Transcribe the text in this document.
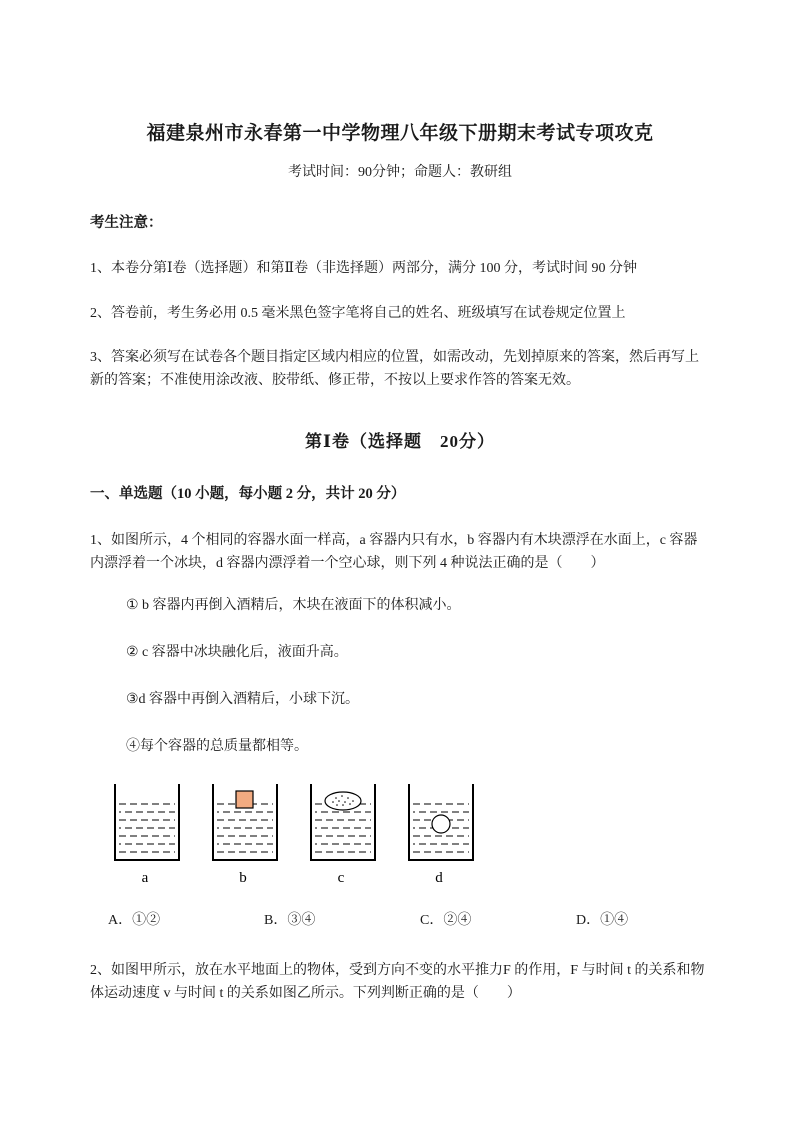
福建泉州市永春第一中学物理八年级下册期末考试专项攻克

考试时间：90分钟；命题人：教研组

考生注意：

1、本卷分第Ⅰ卷（选择题）和第Ⅱ卷（非选择题）两部分，满分 100 分，考试时间 90 分钟

2、答卷前，考生务必用 0.5 毫米黑色签字笔将自己的姓名、班级填写在试卷规定位置上

3、答案必须写在试卷各个题目指定区域内相应的位置，如需改动，先划掉原来的答案，然后再写上新的答案；不准使用涂改液、胶带纸、修正带，不按以上要求作答的答案无效。

第Ⅰ卷（选择题　20分）

一、单选题（10 小题，每小题 2 分，共计 20 分）

1、如图所示，4 个相同的容器水面一样高，a 容器内只有水，b 容器内有木块漂浮在水面上，c 容器内漂浮着一个冰块，d 容器内漂浮着一个空心球，则下列 4 种说法正确的是（　　）

① b 容器内再倒入酒精后，木块在液面下的体积减小。

② c 容器中冰块融化后，液面升高。

③d 容器中再倒入酒精后，小球下沉。

④每个容器的总质量都相等。

a	b	c	d
A．①②	B．③④	C．②④	D．①④

2、如图甲所示，放在水平地面上的物体，受到方向不变的水平推力F 的作用，F 与时间 t 的关系和物体运动速度 v 与时间 t 的关系如图乙所示。下列判断正确的是（　　）
